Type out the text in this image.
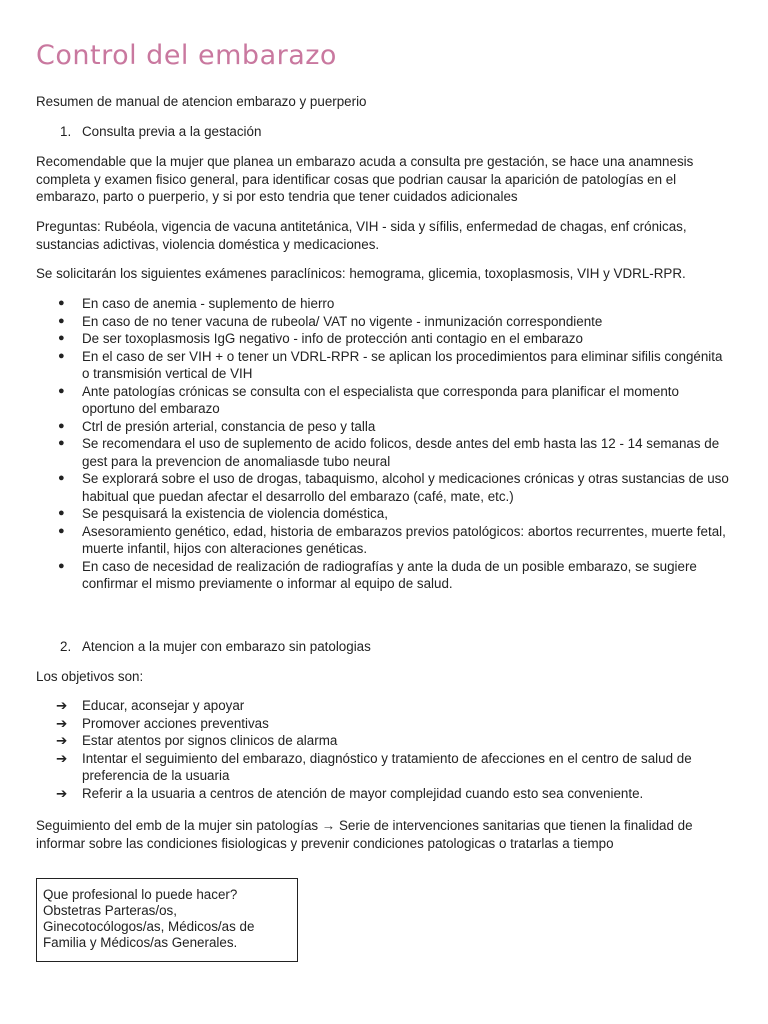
Control del embarazo

Resumen de manual de atencion embarazo y puerperio

1. Consulta previa a la gestación

Recomendable que la mujer que planea un embarazo acuda a consulta pre gestación, se hace una anamnesis completa y examen fisico general, para identificar cosas que podrian causar la aparición de patologías en el embarazo, parto o puerperio, y si por esto tendria que tener cuidados adicionales

Preguntas: Rubéola, vigencia de vacuna antitetánica, VIH - sida y sífilis, enfermedad de chagas, enf crónicas, sustancias adictivas, violencia doméstica y medicaciones.

Se solicitarán los siguientes exámenes paraclínicos: hemograma, glicemia, toxoplasmosis, VIH y VDRL-RPR.

● En caso de anemia - suplemento de hierro
● En caso de no tener vacuna de rubeola/ VAT no vigente - inmunización correspondiente
● De ser toxoplasmosis IgG negativo - info de protección anti contagio en el embarazo
● En el caso de ser VIH + o tener un VDRL-RPR - se aplican los procedimientos para eliminar sifilis congénita o transmisión vertical de VIH
● Ante patologías crónicas se consulta con el especialista que corresponda para planificar el momento oportuno del embarazo
● Ctrl de presión arterial, constancia de peso y talla
● Se recomendara el uso de suplemento de acido folicos, desde antes del emb hasta las 12 - 14 semanas de gest para la prevencion de anomaliasde tubo neural
● Se explorará sobre el uso de drogas, tabaquismo, alcohol y medicaciones crónicas y otras sustancias de uso habitual que puedan afectar el desarrollo del embarazo (café, mate, etc.)
● Se pesquisará la existencia de violencia doméstica,
● Asesoramiento genético, edad, historia de embarazos previos patológicos: abortos recurrentes, muerte fetal, muerte infantil, hijos con alteraciones genéticas.
● En caso de necesidad de realización de radiografías y ante la duda de un posible embarazo, se sugiere confirmar el mismo previamente o informar al equipo de salud.
2. Atencion a la mujer con embarazo sin patologias

Los objetivos son:

➔ Educar, aconsejar y apoyar
➔ Promover acciones preventivas
➔ Estar atentos por signos clinicos de alarma
➔ Intentar el seguimiento del embarazo, diagnóstico y tratamiento de afecciones en el centro de salud de preferencia de la usuaria
➔ Referir a la usuaria a centros de atención de mayor complejidad cuando esto sea conveniente.

Seguimiento del emb de la mujer sin patologías → Serie de intervenciones sanitarias que tienen la finalidad de informar sobre las condiciones fisiologicas y prevenir condiciones patologicas o tratarlas a tiempo

Que profesional lo puede hacer?
Obstetras Parteras/os,
Ginecotocólogos/as, Médicos/as de
Familia y Médicos/as Generales.
